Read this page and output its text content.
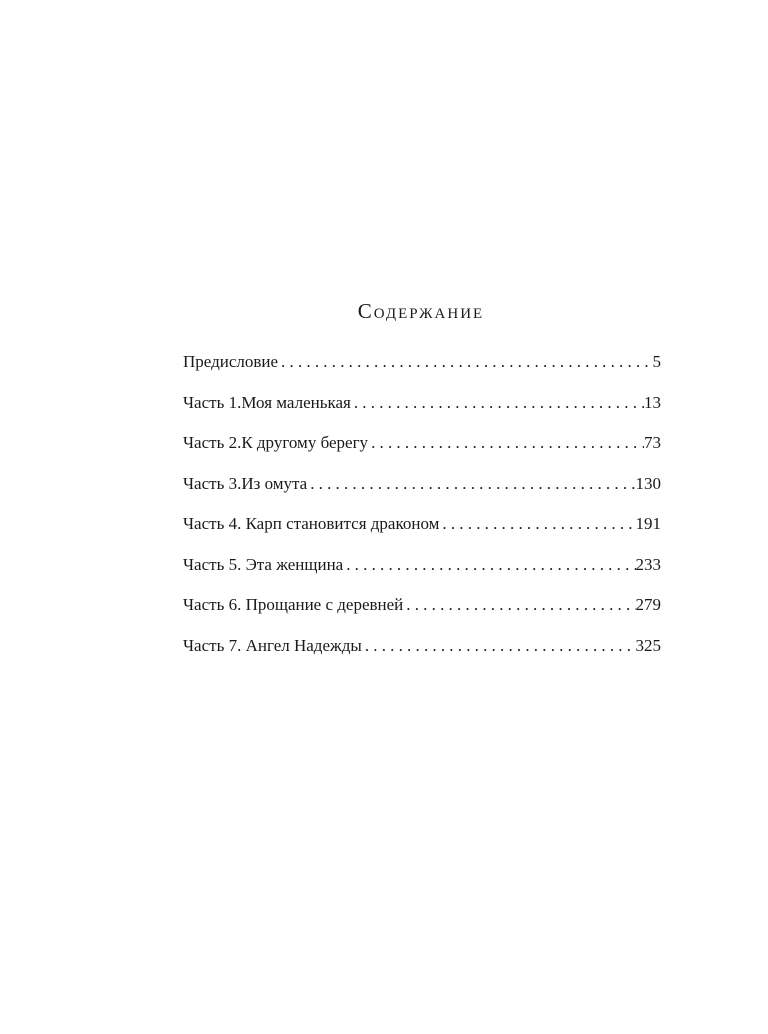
Содержание
Предисловие .....	5
Часть 1.Моя маленькая .....	13
Часть 2.К другому берегу .....	73
Часть 3.Из омута .....	130
Часть 4. Карп становится драконом .....	191
Часть 5. Эта женщина .....	233
Часть 6. Прощание с деревней .....	279
Часть 7. Ангел Надежды .....	325
